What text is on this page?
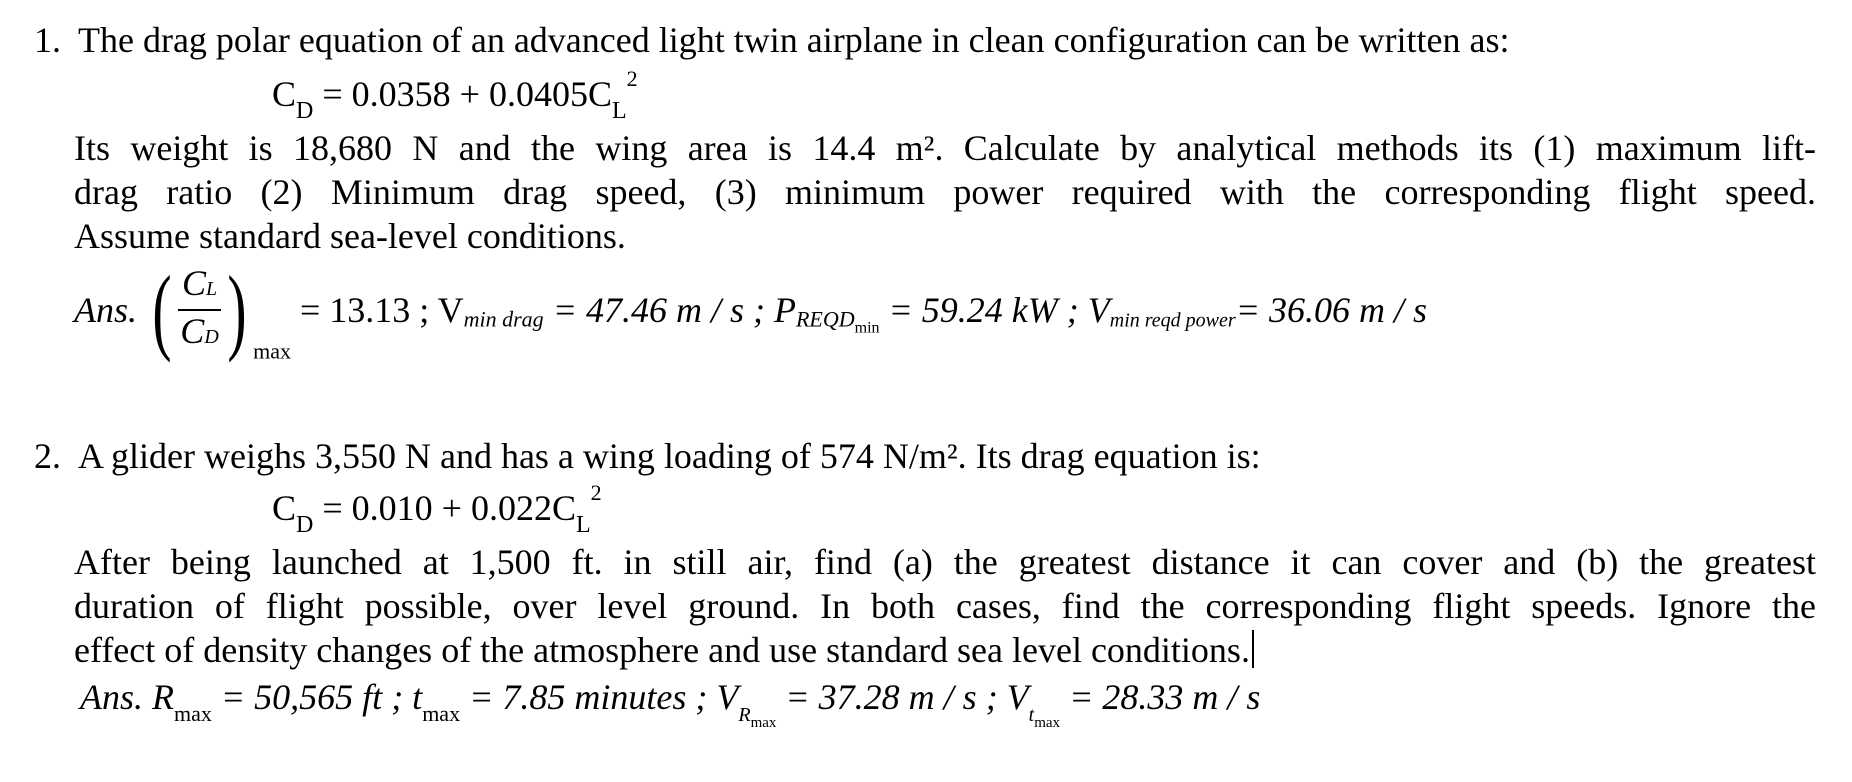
1. The drag polar equation of an advanced light twin airplane in clean configuration can be written as:
$C_D = 0.0358 + 0.0405C_L^2$
Its weight is 18,680 N and the wing area is 14.4 m². Calculate by analytical methods its (1) maximum lift-
drag ratio (2) Minimum drag speed, (3) minimum power required with the corresponding flight speed.
Assume standard sea-level conditions.
Ans. ( $\frac{CL}{CD}$ ) $_{max}$ = 13.13 ; $V_{min drag} = 47.46$ m / s ; $P_{REQDmin} = 59.24$ kW ; $V_{min reqd power}= 36.06$ m / s
2. A glider weighs 3,550 N and has a wing loading of 574 N/m². Its drag equation is:
$C_D = 0.010 + 0.022C_L^2$
After being launched at 1,500 ft. in still air, find (a) the greatest distance it can cover and (b) the greatest
duration of flight possible, over level ground. In both cases, find the corresponding flight speeds. Ignore the
effect of density changes of the atmosphere and use standard sea level conditions.
Ans. $R_{max} = 50,565$ ft ; $t_{max} = 7.85$ minutes ; $V_{Rmax} = 37.28$ m / s ; $V_{tmax} = 28.33$ m / s
